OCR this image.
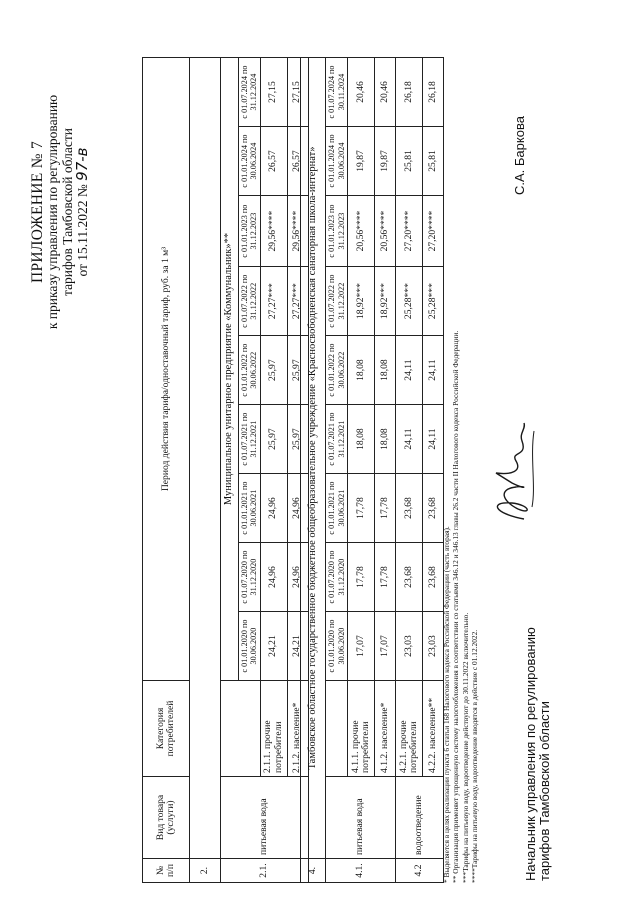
ПРИЛОЖЕНИЕ № 7 к приказу управления по регулированию тарифов Тамбовской области от 15.11.2022 № 97-в
№ п/п	Вид товара (услуги)	Категория потребителей	Период действия тарифа/одноставочный тариф, руб. за 1 м³								
2.											
2.1.	питьевая вода		Муниципальное унитарное предприятие «Коммунальник»**								
			с 01.01.2020 по 30.06.2020	с 01.07.2020 по 31.12.2020	с 01.01.2021 по 30.06.2021	с 01.07.2021 по 31.12.2021	с 01.01.2022 по 30.06.2022	с 01.07.2022 по 31.12.2022	с 01.01.2023 по 31.12.2023	с 01.01.2024 по 30.06.2024	с 01.07.2024 по 31.12.2024
		2.1.1. прочие потребители	24,21	24,96	24,96	25,97	25,97	27,27***	29,56****	26,57	27,15
		2.1.2. население*	24,21	24,96	24,96	25,97	25,97	27,27***	29,56****	26,57	27,15
4.	Тамбовское областное государственное бюджетное общеобразовательное учреждение «Красносвободненская санаторная школа-интернат»										
4.1.	питьевая вода		с 01.01.2020 по 30.06.2020	с 01.07.2020 по 31.12.2020	с 01.01.2021 по 30.06.2021	с 01.07.2021 по 31.12.2021	с 01.01.2022 по 30.06.2022	с 01.07.2022 по 31.12.2022	с 01.01.2023 по 31.12.2023	с 01.01.2024 по 30.06.2024	с 01.07.2024 по 30.11.2024
		4.1.1. прочие потребители	17,07	17,78	17,78	18,08	18,08	18,92***	20,56****	19,87	20,46
		4.1.2. население*	17,07	17,78	17,78	18,08	18,08	18,92***	20,56****	19,87	20,46
4.2	водоотведение	4.2.1. прочие потребители	23,03	23,68	23,68	24,11	24,11	25,28***	27,20****	25,81	26,18
		4.2.2. население**	23,03	23,68	23,68	24,11	24,11	25,28***	27,20****	25,81	26,18
* Выделяется в целях реализации пункта 6 статьи 168 Налогового кодекса Российской Федерации (часть вторая). ** Организация применяет упрощенную систему налогообложения в соответствии со статьями 346.12 и 346.13 главы 26.2 части II Налогового кодекса Российской Федерации. ***Тарифы на питьевую воду, водоотведение действуют до 30.11.2022 включительно. ****Тарифы на питьевую воду, водоотведение вводятся в действие с 01.12.2022.	Начальник управления по регулированию тарифов Тамбовской области
С.А. Баркова
